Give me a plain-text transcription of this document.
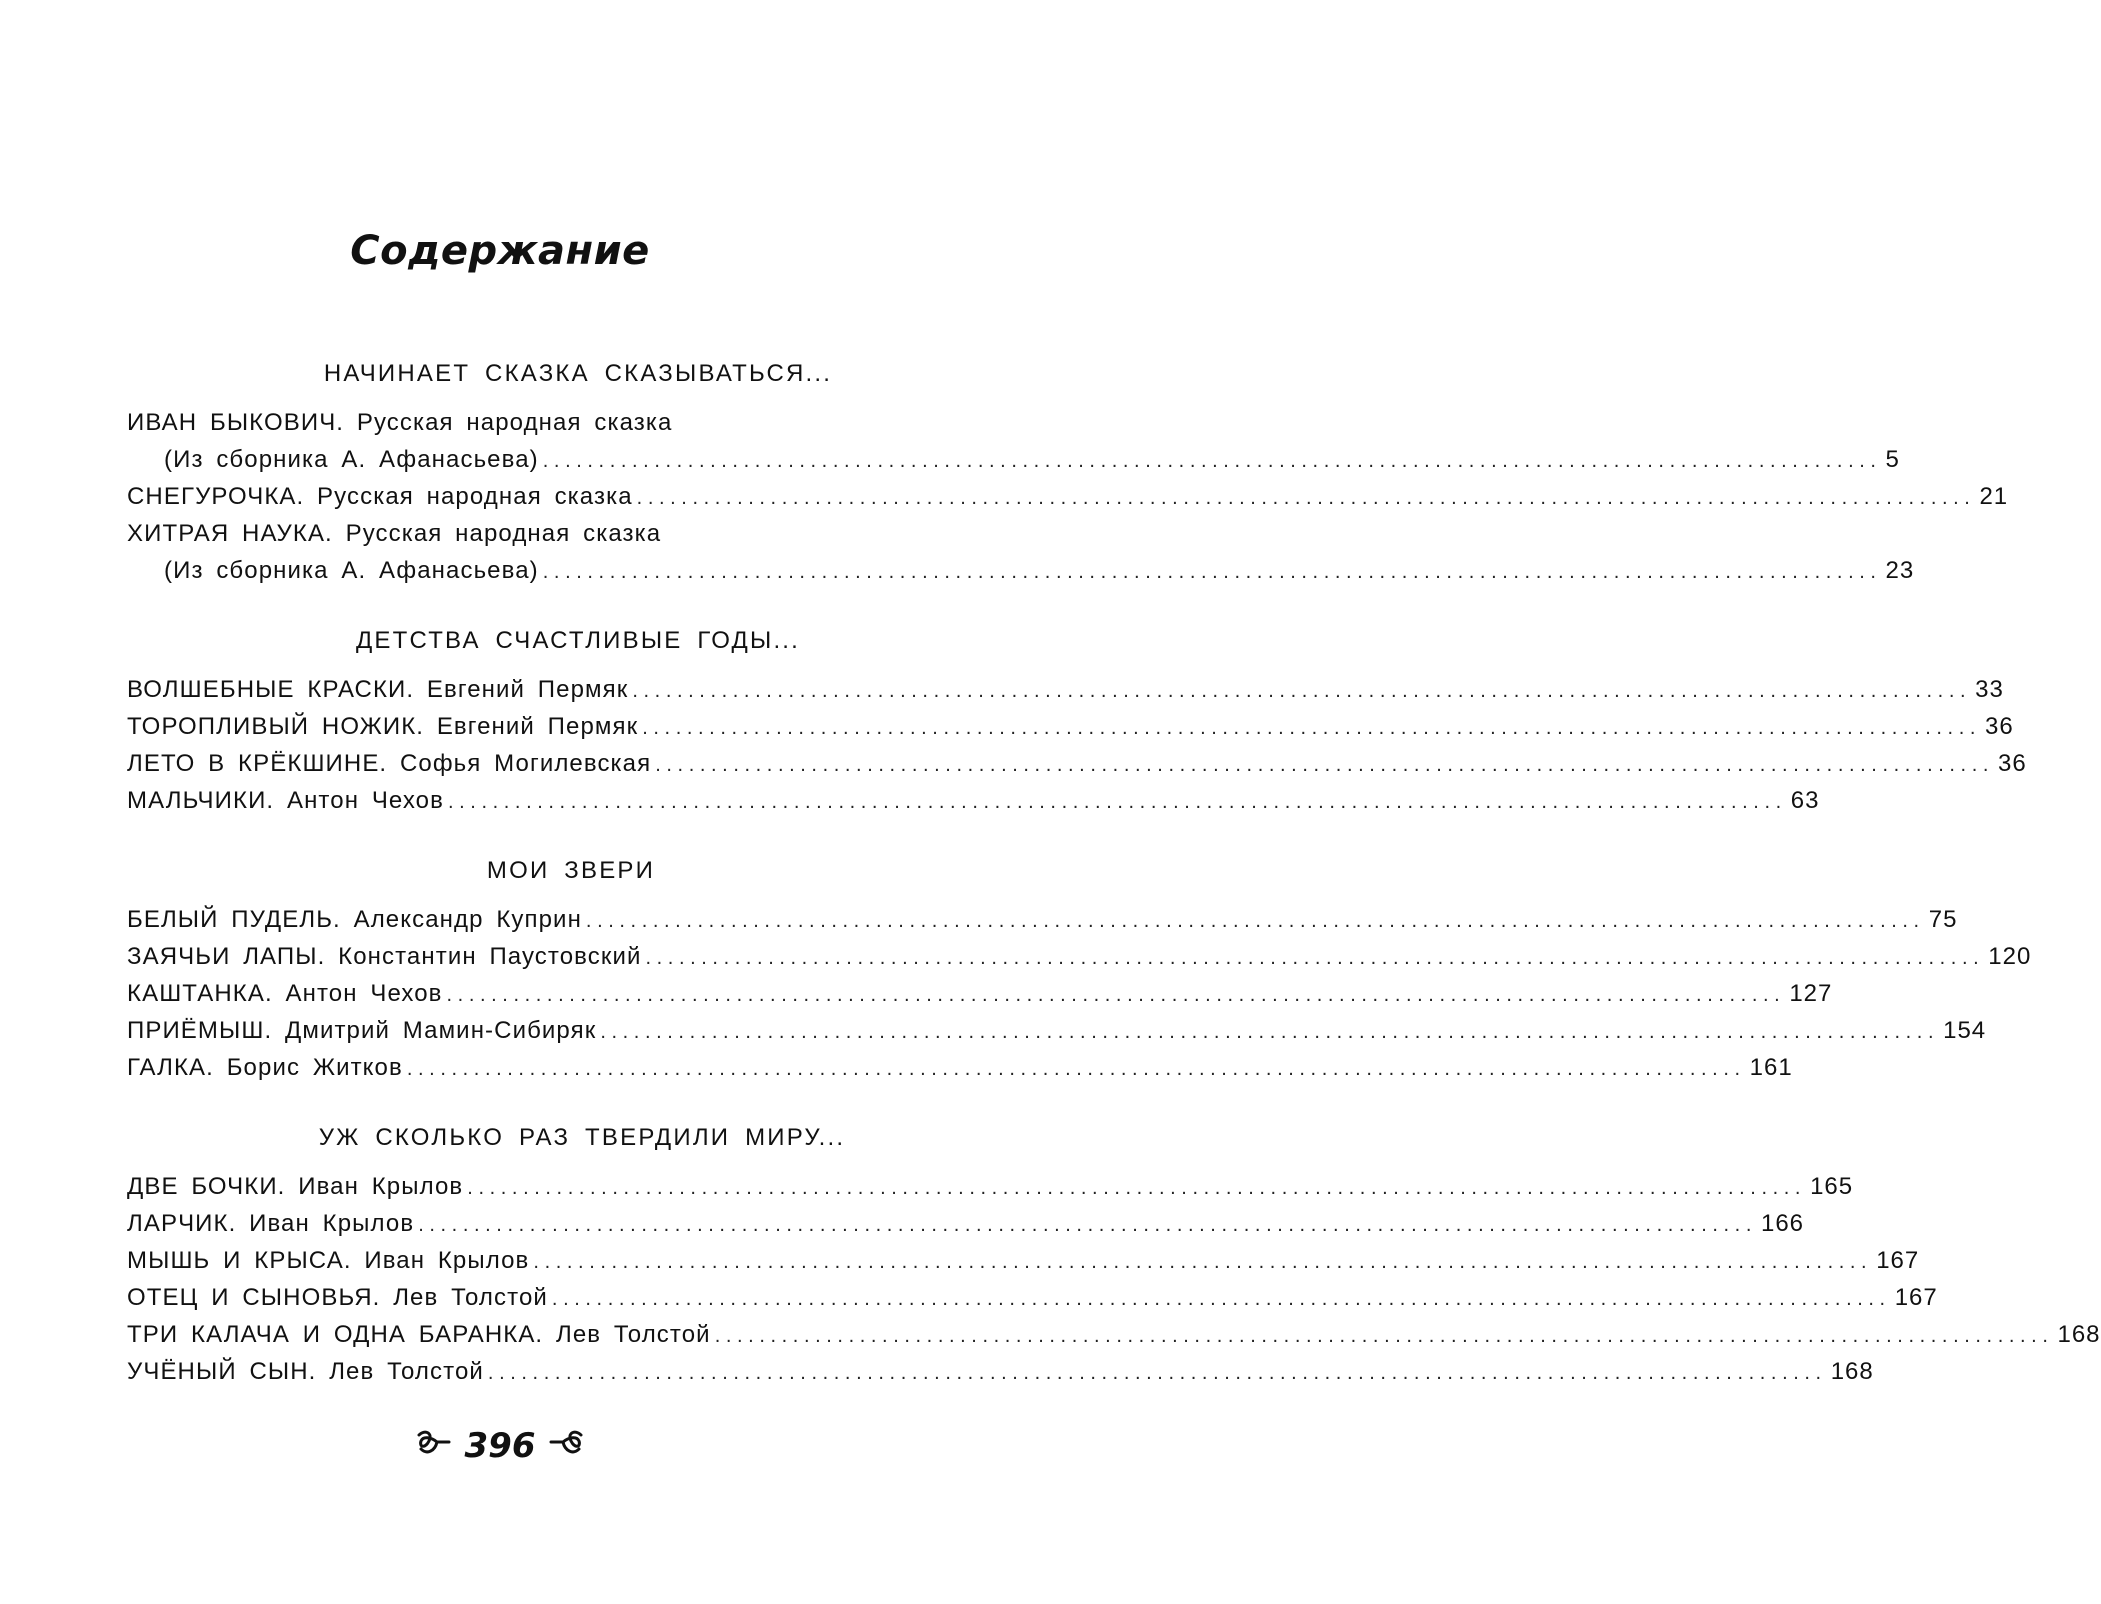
Содержание
НАЧИНАЕТ СКАЗКА СКАЗЫВАТЬСЯ...
ИВАН БЫКОВИЧ. Русская народная сказка
(Из сборника А. Афанасьева) ........................................................................................................................ 5
СНЕГУРОЧКА. Русская народная сказка ........................................................................................................................ 21
ХИТРАЯ НАУКА. Русская народная сказка
(Из сборника А. Афанасьева) ........................................................................................................................ 23
ДЕТСТВА СЧАСТЛИВЫЕ ГОДЫ...
ВОЛШЕБНЫЕ КРАСКИ. Евгений Пермяк ........................................................................................................................ 33
ТОРОПЛИВЫЙ НОЖИК. Евгений Пермяк ........................................................................................................................ 36
ЛЕТО В КРЁКШИНЕ. Софья Могилевская ........................................................................................................................ 36
МАЛЬЧИКИ. Антон Чехов ........................................................................................................................ 63
МОИ ЗВЕРИ
БЕЛЫЙ ПУДЕЛЬ. Александр Куприн ........................................................................................................................ 75
ЗАЯЧЬИ ЛАПЫ. Константин Паустовский ........................................................................................................................ 120
КАШТАНКА. Антон Чехов ........................................................................................................................ 127
ПРИЁМЫШ. Дмитрий Мамин-Сибиряк ........................................................................................................................ 154
ГАЛКА. Борис Житков ........................................................................................................................ 161
УЖ СКОЛЬКО РАЗ ТВЕРДИЛИ МИРУ...
ДВЕ БОЧКИ. Иван Крылов ........................................................................................................................ 165
ЛАРЧИК. Иван Крылов ........................................................................................................................ 166
МЫШЬ И КРЫСА. Иван Крылов ........................................................................................................................ 167
ОТЕЦ И СЫНОВЬЯ. Лев Толстой ........................................................................................................................ 167
ТРИ КАЛАЧА И ОДНА БАРАНКА. Лев Толстой ........................................................................................................................ 168
УЧЁНЫЙ СЫН. Лев Толстой ........................................................................................................................ 168
396
